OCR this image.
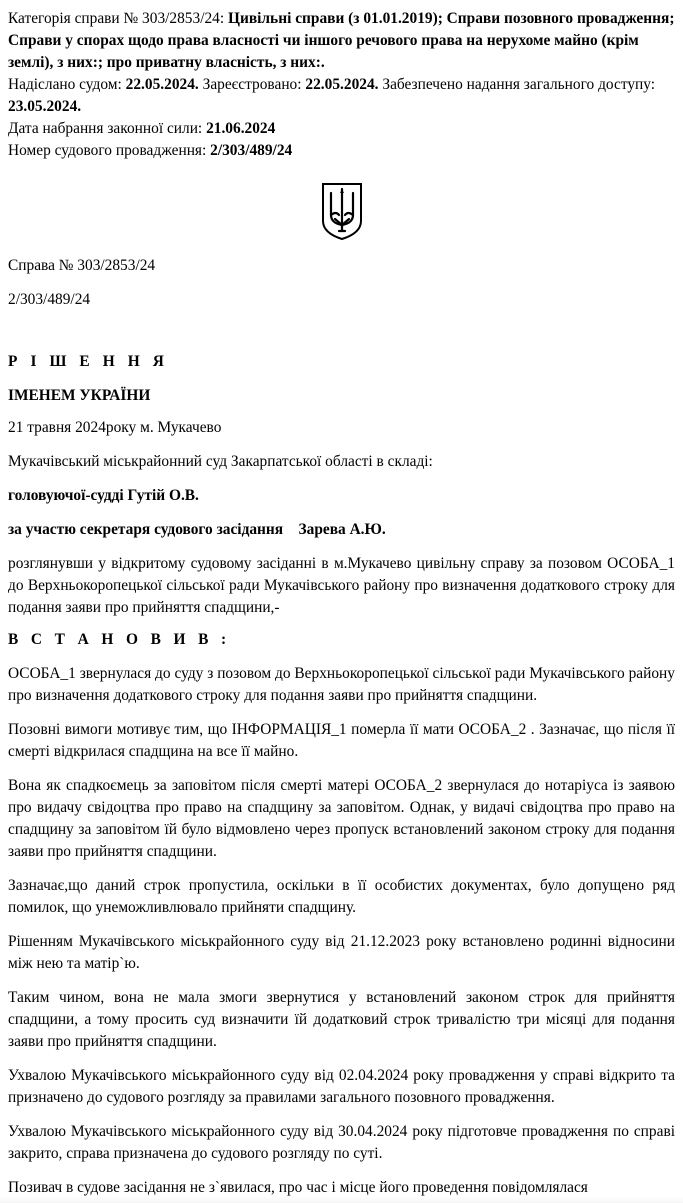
Категорія справи № 303/2853/24: Цивільні справи (з 01.01.2019); Справи позовного провадження; Справи у спорах щодо права власності чи іншого речового права на нерухоме майно (крім землі), з них:; про приватну власність, з них:.

Надіслано судом: 22.05.2024. Зареєстровано: 22.05.2024. Забезпечено надання загального доступу: 23.05.2024.

Дата набрання законної сили: 21.06.2024

Номер судового провадження: 2/303/489/24

Справа № 303/2853/24

2/303/489/24

Р І Ш Е Н Н Я

ІМЕНЕМ УКРАЇНИ

21 травня 2024року м. Мукачево

Мукачівський міськрайонний суд Закарпатської області в складі:

головуючої-судді Гутій О.В.

за участю секретаря судового засідання    Зарева А.Ю.

розглянувши у відкритому судовому засіданні в м.Мукачево цивільну справу за позовом ОСОБА_1 до Верхньокоропецької сільської ради Мукачівського району про визначення додаткового строку для подання заяви про прийняття спадщини,-

В С Т А Н О В И В :

ОСОБА_1 звернулася до суду з позовом до Верхньокоропецької сільської ради Мукачівського району про визначення додаткового строку для подання заяви про прийняття спадщини.

Позовні вимоги мотивує тим, що ІНФОРМАЦІЯ_1 померла її мати ОСОБА_2 . Зазначає, що після її смерті відкрилася спадщина на все її майно.

Вона як спадкоємець за заповітом після смерті матері ОСОБА_2 звернулася до нотаріуса із заявою про видачу свідоцтва про право на спадщину за заповітом. Однак, у видачі свідоцтва про право на спадщину за заповітом їй було відмовлено через пропуск встановлений законом строку для подання заяви про прийняття спадщини.

Зазначає,що даний строк пропустила, оскільки в її особистих документах, було допущено ряд помилок, що унеможливлювало прийняти спадщину.

Рішенням Мукачівського міськрайонного суду від 21.12.2023 року встановлено родинні відносини між нею та матір`ю.

Таким чином, вона не мала змоги звернутися у встановлений законом строк для прийняття спадщини, а тому просить суд визначити їй додатковий строк тривалістю три місяці для подання заяви про прийняття спадщини.

Ухвалою Мукачівського міськрайонного суду від 02.04.2024 року провадження у справі відкрито та призначено до судового розгляду за правилами загального позовного провадження.

Ухвалою Мукачівського міськрайонного суду від 30.04.2024 року підготовче провадження по справі закрито, справа призначена до судового розгляду по суті.

Позивач в судове засідання не з`явилася, про час і місце його проведення повідомлялася
